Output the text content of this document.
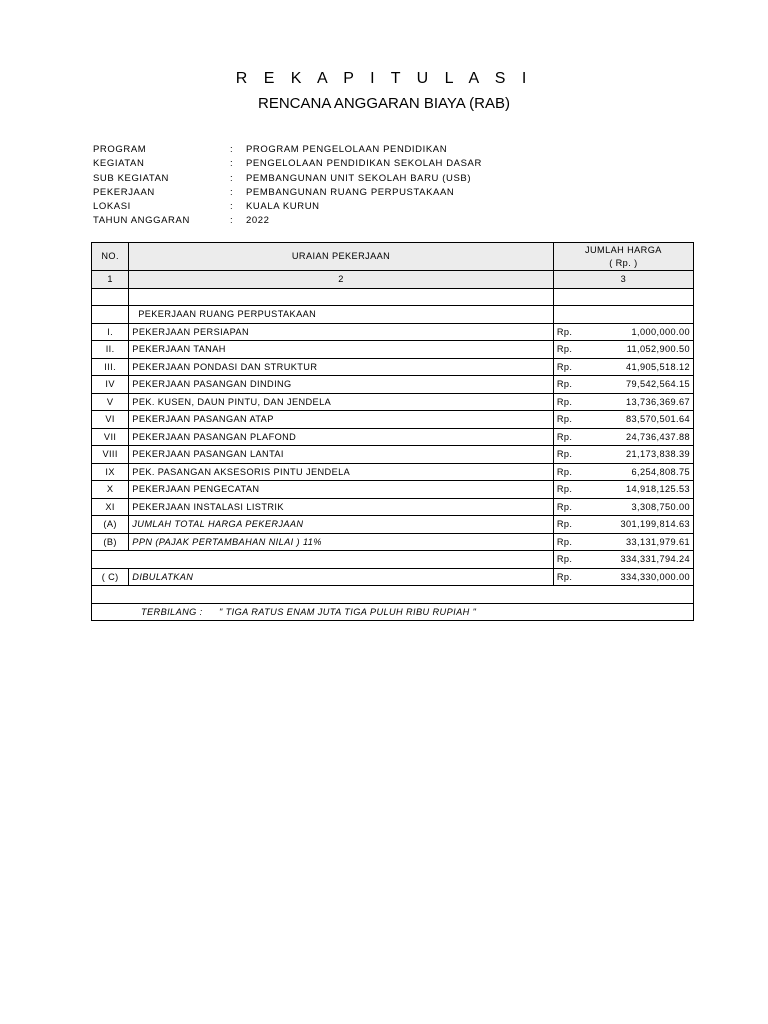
R E K A P I T U L A S I
RENCANA ANGGARAN BIAYA (RAB)
PROGRAM	: PROGRAM PENGELOLAAN PENDIDIKAN
KEGIATAN	: PENGELOLAAN PENDIDIKAN SEKOLAH DASAR
SUB KEGIATAN	: PEMBANGUNAN UNIT SEKOLAH BARU (USB)
PEKERJAAN	: PEMBANGUNAN RUANG PERPUSTAKAAN
LOKASI	: KUALA KURUN
TAHUN ANGGARAN	: 2022
NO.	URAIAN PEKERJAAN	JUMLAH HARGA
( Rp. )	
1	2	3	

	PEKERJAAN RUANG PERPUSTAKAAN		
I.	PEKERJAAN PERSIAPAN	Rp.	1,000,000.00
II.	PEKERJAAN TANAH	Rp.	11,052,900.50
III.	PEKERJAAN PONDASI DAN STRUKTUR	Rp.	41,905,518.12
IV	PEKERJAAN PASANGAN DINDING	Rp.	79,542,564.15
V	PEK. KUSEN, DAUN PINTU, DAN JENDELA	Rp.	13,736,369.67
VI	PEKERJAAN PASANGAN ATAP	Rp.	83,570,501.64
VII	PEKERJAAN PASANGAN PLAFOND	Rp.	24,736,437.88
VIII	PEKERJAAN PASANGAN LANTAI	Rp.	21,173,838.39
IX	PEK. PASANGAN AKSESORIS PINTU JENDELA	Rp.	6,254,808.75
X	PEKERJAAN PENGECATAN	Rp.	14,918,125.53
XI	PEKERJAAN INSTALASI LISTRIK	Rp.	3,308,750.00
(A)	JUMLAH TOTAL HARGA PEKERJAAN	Rp.	301,199,814.63
(B)	PPN (PAJAK PERTAMBAHAN NILAI ) 11%	Rp.	33,131,979.61
		Rp.	334,331,794.24
( C)	DIBULATKAN	Rp.	334,330,000.00

TERBILANG : " TIGA RATUS ENAM JUTA TIGA PULUH RIBU RUPIAH "			
